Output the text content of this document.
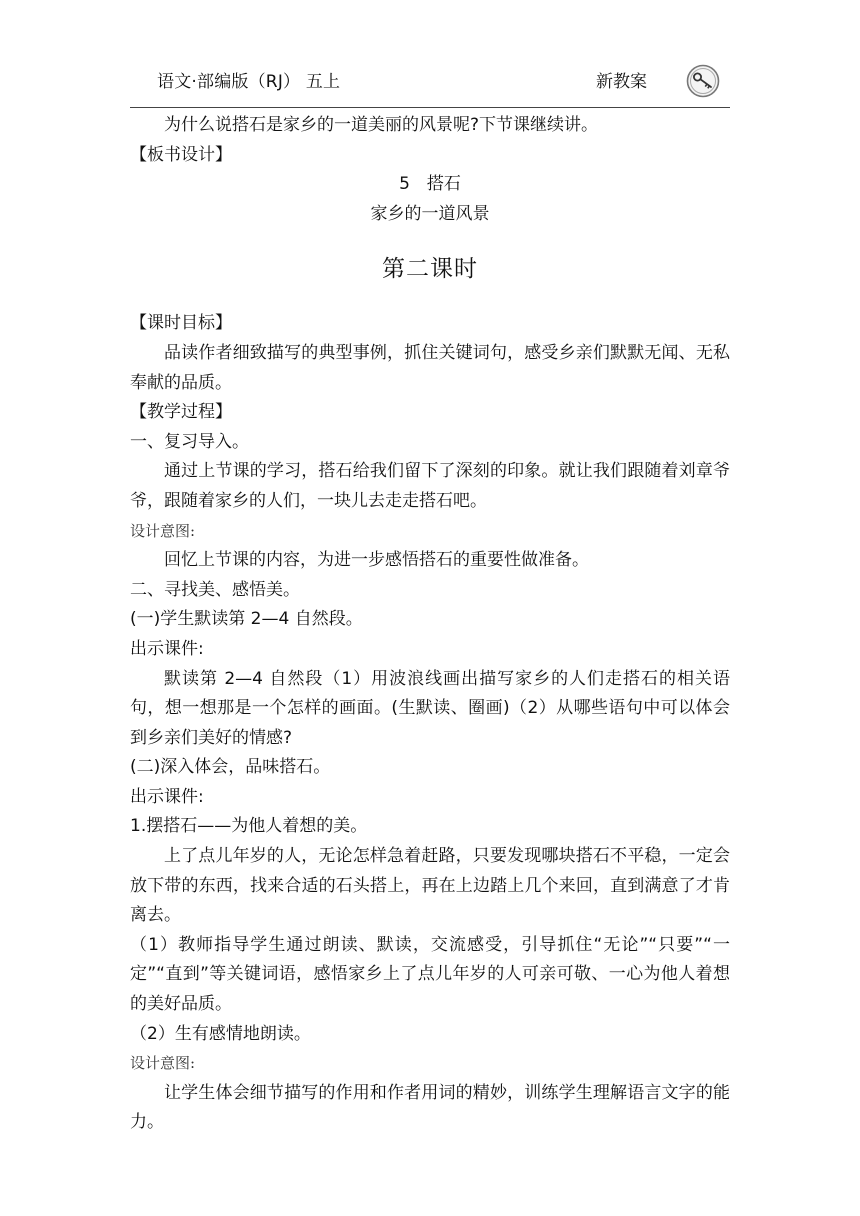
语文·部编版（RJ） 五上	新教案

为什么说搭石是家乡的一道美丽的风景呢?下节课继续讲。

【板书设计】

5　搭石

家乡的一道风景

第二课时

【课时目标】

品读作者细致描写的典型事例，抓住关键词句，感受乡亲们默默无闻、无私奉献的品质。

【教学过程】

一、复习导入。

通过上节课的学习，搭石给我们留下了深刻的印象。就让我们跟随着刘章爷爷，跟随着家乡的人们，一块儿去走走搭石吧。

设计意图:

回忆上节课的内容，为进一步感悟搭石的重要性做准备。

二、寻找美、感悟美。

(一)学生默读第 2—4 自然段。

出示课件:

默读第 2—4 自然段（1）用波浪线画出描写家乡的人们走搭石的相关语句，想一想那是一个怎样的画面。(生默读、圈画)（2）从哪些语句中可以体会到乡亲们美好的情感?

(二)深入体会，品味搭石。

出示课件:

1.摆搭石——为他人着想的美。

上了点儿年岁的人，无论怎样急着赶路，只要发现哪块搭石不平稳，一定会放下带的东西，找来合适的石头搭上，再在上边踏上几个来回，直到满意了才肯离去。

（1）教师指导学生通过朗读、默读，交流感受，引导抓住“无论”“只要”“一定”“直到”等关键词语，感悟家乡上了点儿年岁的人可亲可敬、一心为他人着想的美好品质。

（2）生有感情地朗读。

设计意图:

让学生体会细节描写的作用和作者用词的精妙，训练学生理解语言文字的能力。
